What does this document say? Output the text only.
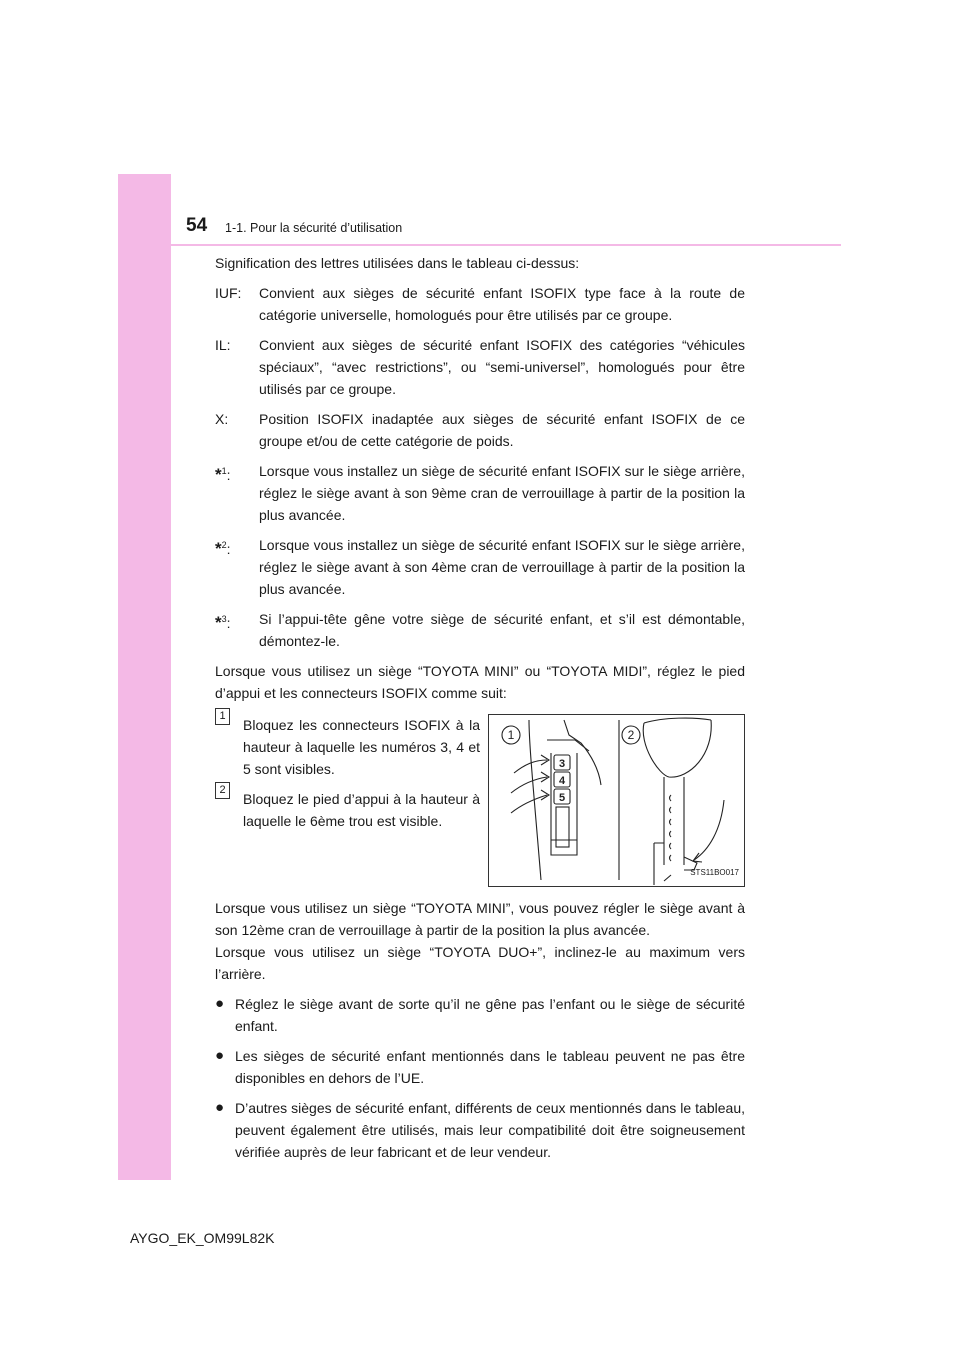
54 1-1. Pour la sécurité d’utilisation

Signification des lettres utilisées dans le tableau ci-dessus:

IUF:	Convient aux sièges de sécurité enfant ISOFIX type face à la route de catégorie universelle, homologués pour être utilisés par ce groupe.
IL:	Convient aux sièges de sécurité enfant ISOFIX des catégories “véhicules spéciaux”, “avec restrictions”, ou “semi-universel”, homologués pour être utilisés par ce groupe.
X:	Position ISOFIX inadaptée aux sièges de sécurité enfant ISOFIX de ce groupe et/ou de cette catégorie de poids.
*$^1$:	Lorsque vous installez un siège de sécurité enfant ISOFIX sur le siège arrière, réglez le siège avant à son 9ème cran de verrouillage à partir de la position la plus avancée.
*$^2$:	Lorsque vous installez un siège de sécurité enfant ISOFIX sur le siège arrière, réglez le siège avant à son 4ème cran de verrouillage à partir de la position la plus avancée.
*$^3$:	Si l’appui-tête gêne votre siège de sécurité enfant, et s’il est démontable, démontez-le.

Lorsque vous utilisez un siège “TOYOTA MINI” ou “TOYOTA MIDI”, réglez le pied d’appui et les connecteurs ISOFIX comme suit:

1
Bloquez les connecteurs ISOFIX à la hauteur à laquelle les numéros 3, 4 et 5 sont visibles.
2
Bloquez le pied d’appui à la hauteur à laquelle le 6ème trou est visible.
1	2
3
4
5
STS11BO017

Lorsque vous utilisez un siège “TOYOTA MINI”, vous pouvez régler le siège avant à son 12ème cran de verrouillage à partir de la position la plus avancée.

Lorsque vous utilisez un siège “TOYOTA DUO+”, inclinez-le au maximum vers l’arrière.

● Réglez le siège avant de sorte qu’il ne gêne pas l’enfant ou le siège de sécurité enfant.
● Les sièges de sécurité enfant mentionnés dans le tableau peuvent ne pas être disponibles en dehors de l’UE.
● D’autres sièges de sécurité enfant, différents de ceux mentionnés dans le tableau, peuvent également être utilisés, mais leur compatibilité doit être soigneusement vérifiée auprès de leur fabricant et de leur vendeur.
AYGO_EK_OM99L82K
